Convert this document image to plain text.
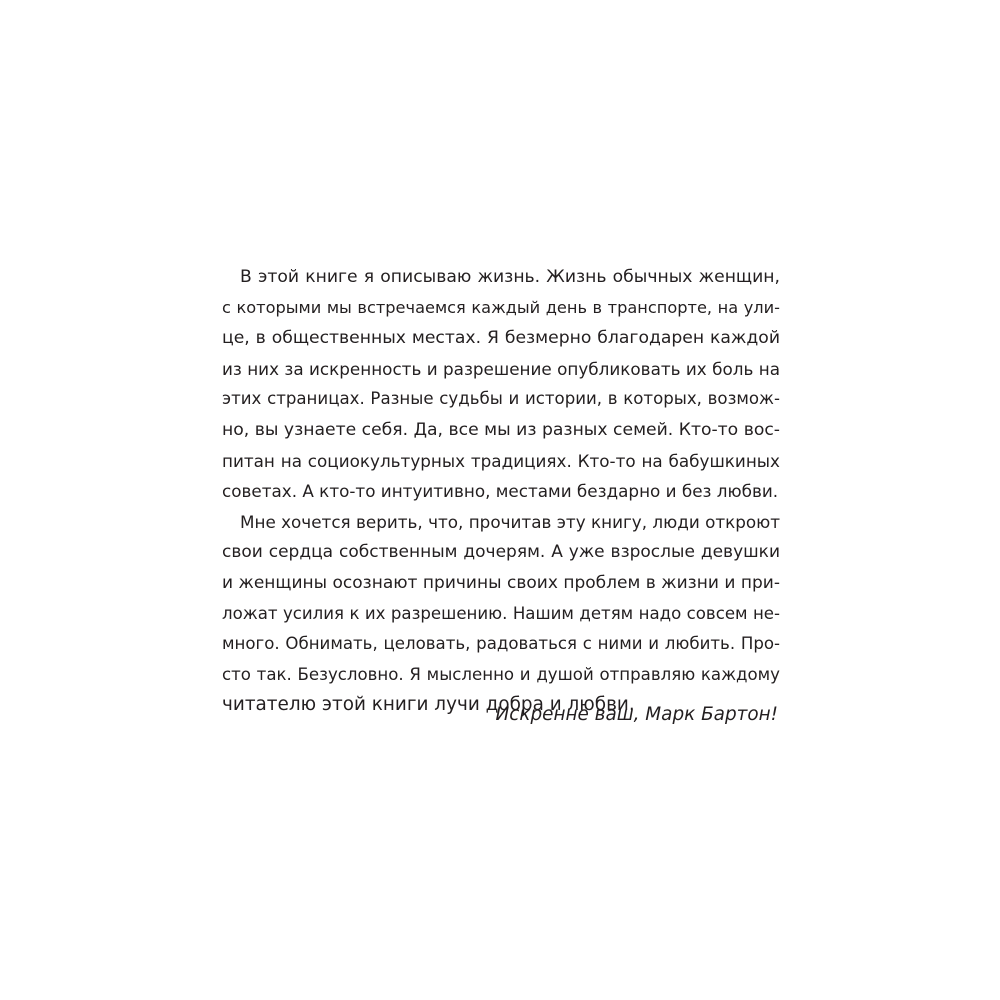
В этой книге я описываю жизнь. Жизнь обычных женщин,
с которыми мы встречаемся каждый день в транспорте, на ули-
це, в общественных местах. Я безмерно благодарен каждой
из них за искренность и разрешение опубликовать их боль на
этих страницах. Разные судьбы и истории, в которых, возмож-
но, вы узнаете себя. Да, все мы из разных семей. Кто-то вос-
питан на социокультурных традициях. Кто-то на бабушкиных
советах. А кто-то интуитивно, местами бездарно и без любви.
Мне хочется верить, что, прочитав эту книгу, люди откроют
свои сердца собственным дочерям. А уже взрослые девушки
и женщины осознают причины своих проблем в жизни и при-
ложат усилия к их разрешению. Нашим детям надо совсем не-
много. Обнимать, целовать, радоваться с ними и любить. Про-
сто так. Безусловно. Я мысленно и душой отправляю каждому
читателю этой книги лучи добра и любви.
Искренне ваш, Марк Бартон!
